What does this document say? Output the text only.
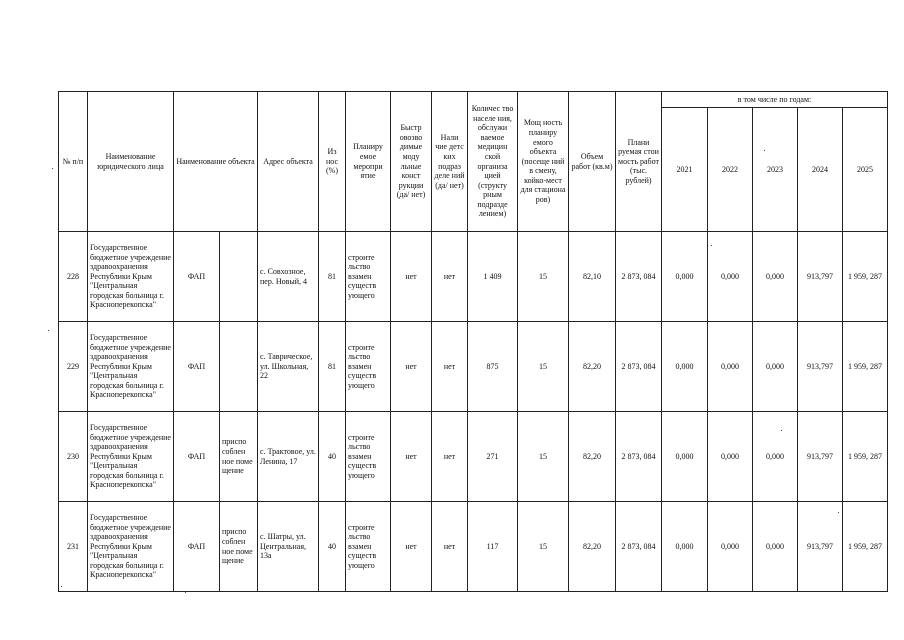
№ п/п	Наименование юридического лица	Наименование объекта		Адрес объекта	Из нос (%)	Планиру емое меропри ятие	Быстр овозво димые моду льные конст рукции (да/ нет)	Нали чие детс ких подраз деле ний (да/ нет)	Количес тво населе ния, обслужи ваемое медицин ской организа цией (структу рным подразде лением)	Мощ ность планиру емого объекта (посеще ний в смену, койко-мест для стациона ров)	Объем работ (кв.м)	Плани руемая стои мость работ (тыс. рублей)	в том числе по годам:				
													2021	2022	2023	2024	2025
228	Государственное бюджетное учреждение здравоохранения Республики Крым "Центральная городская больница г. Красноперекопска"	ФАП		с. Совхозное, пер. Новый, 4	81	строите льство взамен существ ующего	нет	нет	1 409	15	82,10	2 873, 084	0,000	0,000	0,000	913,797	1 959, 287
229	Государственное бюджетное учреждение здравоохранения Республики Крым "Центральная городская больница г. Красноперекопска"	ФАП		с. Таврическое, ул. Школьная, 22	81	строите льство взамен существ ующего	нет	нет	875	15	82,20	2 873, 084	0,000	0,000	0,000	913,797	1 959, 287
230	Государственное бюджетное учреждение здравоохранения Республики Крым "Центральная городская больница г. Красноперекопска"	ФАП	приспо соблен ное поме щение	с. Трактовое, ул. Ленина, 17	40	строите льство взамен существ ующего	нет	нет	271	15	82,20	2 873, 084	0,000	0,000	0,000	913,797	1 959, 287
231	Государственное бюджетное учреждение здравоохранения Республики Крым "Центральная городская больница г. Красноперекопска"	ФАП	приспо соблен ное поме щение	с. Шатры, ул. Центральная, 13а	40	строите льство взамен существ ующего	нет	нет	117	15	82,20	2 873, 084	0,000	0,000	0,000	913,797	1 959, 287
